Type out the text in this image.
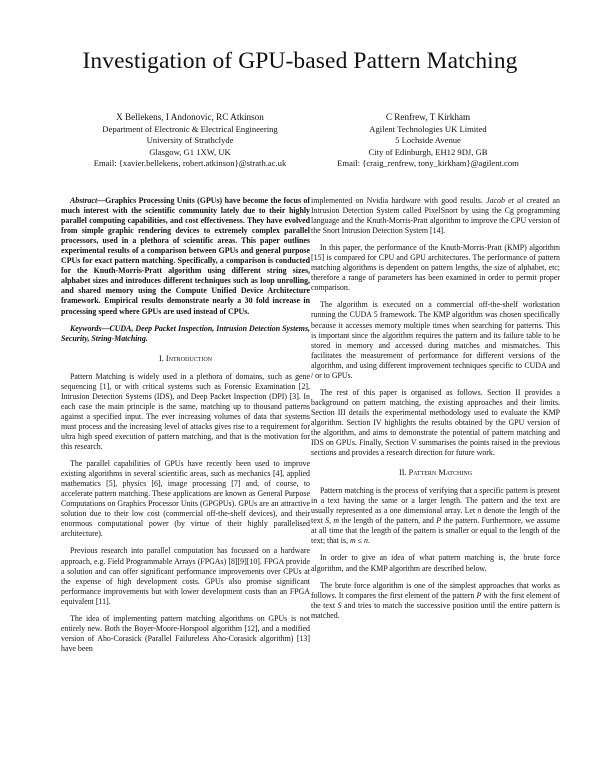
Investigation of GPU-based Pattern Matching
X Bellekens, I Andonovic, RC Atkinson
Department of Electronic & Electrical Engineering
University of Strathclyde
Glasgow, G1 1XW, UK
Email: {xavier.bellekens, robert.atkinson}@strath.ac.uk
C Renfrew, T Kirkham
Agilent Technologies UK Limited
5 Lochside Avenue
City of Edinburgh, EH12 9DJ, GB
Email: {craig_renfrew, tony_kirkham}@agilent.com

Abstract—Graphics Processing Units (GPUs) have become the focus of much interest with the scientific community lately due to their highly parallel computing capabilities, and cost effectiveness. They have evolved from simple graphic rendering devices to extremely complex parallel processors, used in a plethora of scientific areas. This paper outlines experimental results of a comparison between GPUs and general purpose CPUs for exact pattern matching. Specifically, a comparison is conducted for the Knuth-Morris-Pratt algorithm using different string sizes, alphabet sizes and introduces different techniques such as loop unrolling, and shared memory using the Compute Unified Device Architecture framework. Empirical results demonstrate nearly a 30 fold increase in processing speed where GPUs are used instead of CPUs.

Keywords—CUDA, Deep Packet Inspection, Intrusion Detection Systems, Security, String-Matching.

I. Introduction

Pattern Matching is widely used in a plethora of domains, such as gene sequencing [1], or with critical systems such as Forensic Examination [2], Intrusion Detection Systems (IDS), and Deep Packet Inspection (DPI) [3]. In each case the main principle is the same, matching up to thousand patterns against a specified input. The ever increasing volumes of data that systems must process and the increasing level of attacks gives rise to a requirement for ultra high speed execution of pattern matching, and that is the motivation for this research.

The parallel capabilities of GPUs have recently been used to improve existing algorithms in several scientific areas, such as mechanics [4], applied mathematics [5], physics [6], image processing [7] and, of course, to accelerate pattern matching. These applications are known as General Purpose Computations on Graphics Processor Units (GPGPUs). GPUs are an attractive solution due to their low cost (commercial off-the-shelf devices), and their enormous computational power (by virtue of their highly parallelised architecture).

Previous research into parallel computation has focussed on a hardware approach, e.g. Field Programmable Arrays (FPGAs) [8][9][10]. FPGA provide a solution and can offer significant performance improvements over CPUs at the expense of high development costs. GPUs also promise significant performance improvements but with lower development costs than an FPGA equivalent [11].

The idea of implementing pattern matching algorithms on GPUs is not entirely new. Both the Boyer-Moore-Horspool algorithm [12], and a modified version of Aho-Corasick (Parallel Failureless Aho-Corasick algorithm) [13] have been

implemented on Nvidia hardware with good results. Jacob et al created an Intrusion Detection System called PixelSnort by using the Cg programming language and the Knuth-Morris-Pratt algorithm to improve the CPU version of the Snort Intrusion Detection System [14].

In this paper, the performance of the Knuth-Morris-Pratt (KMP) algorithm [15] is compared for CPU and GPU architectures. The performance of pattern matching algorithms is dependent on pattern lengths, the size of alphabet, etc; therefore a range of parameters has been examined in order to permit proper comparison.

The algorithm is executed on a commercial off-the-shelf workstation running the CUDA 5 framework. The KMP algorithm was chosen specifically because it accesses memory multiple times when searching for patterns. This is important since the algorithm requires the pattern and its failure table to be stored in memory and accessed during matches and mismatches. This facilitates the measurement of performance for different versions of the algorithm, and using different improvement techniques specific to CUDA and / or to GPUs.

The rest of this paper is organised as follows. Section II provides a background on pattern matching, the existing approaches and their limits. Section III details the experimental methodology used to evaluate the KMP algorithm. Section IV highlights the results obtained by the GPU version of the algorithm, and aims to demonstrate the potential of pattern matching and IDS on GPUs. Finally, Section V summarises the points raised in the previous sections and provides a research direction for future work.

II. Pattern Matching

Pattern matching is the process of verifying that a specific pattern is present in a text having the same or a larger length. The pattern and the text are usually represented as a one dimensional array. Let n denote the length of the text S, m the length of the pattern, and P the pattern. Furthermore, we assume at all time that the length of the pattern is smaller or equal to the length of the text; that is, m ≤ n.

In order to give an idea of what pattern matching is, the brute force algorithm, and the KMP algorithm are described below.

The brute force algorithm is one of the simplest approaches that works as follows. It compares the first element of the pattern P with the first element of the text S and tries to match the successive position until the entire pattern is matched.
